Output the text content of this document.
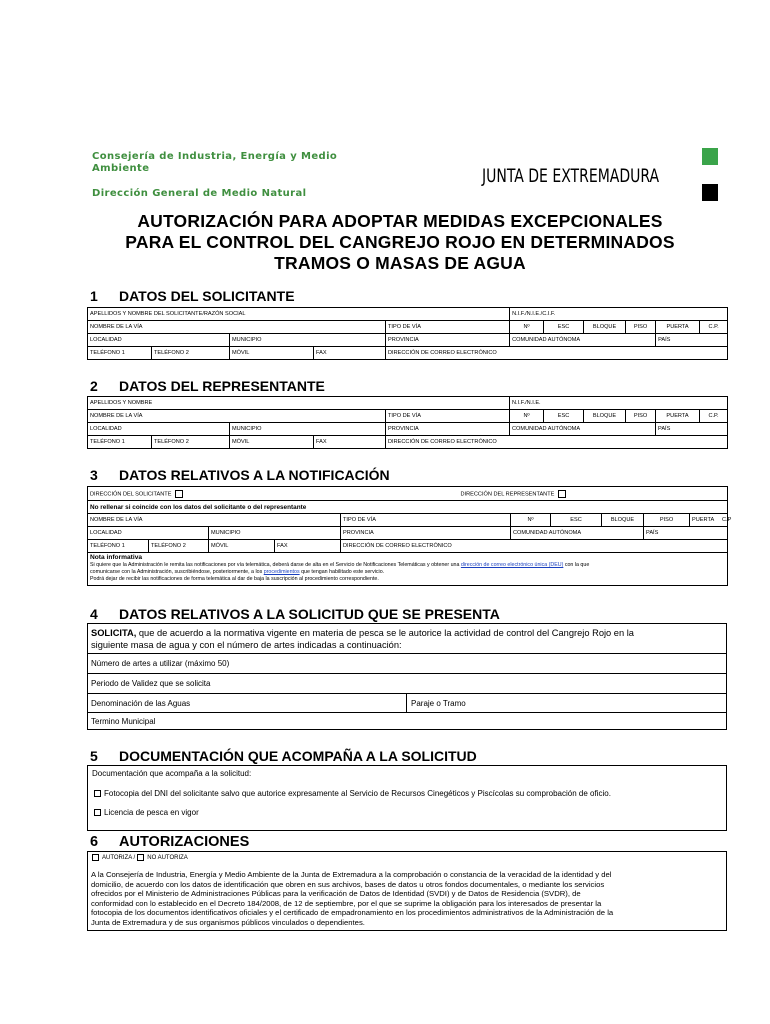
Consejería de Industria, Energía y Medio
Ambiente
Dirección General de Medio Natural
JUNTA DE EXTREMADURA
AUTORIZACIÓN PARA ADOPTAR MEDIDAS EXCEPCIONALES
PARA EL CONTROL DEL CANGREJO ROJO EN DETERMINADOS
TRAMOS O MASAS DE AGUA
1 DATOS DEL SOLICITANTE
APELLIDOS Y NOMBRE DEL SOLICITANTE/RAZÓN SOCIAL					N.I.F./N.I.E./C.I.F.					
NOMBRE DE LA VÍA				TIPO DE VÍA	Nº	ESC	BLOQUE	PISO	PUERTA	C.P.
LOCALIDAD		MUNICIPIO		PROVINCIA	COMUNIDAD AUTÓNOMA				PAÍS	
TELÉFONO 1	TELÉFONO 2	MÓVIL	FAX	DIRECCIÓN DE CORREO ELECTRÓNICO						
2 DATOS DEL REPRESENTANTE
APELLIDOS Y NOMBRE					N.I.F./N.I.E.					
NOMBRE DE LA VÍA				TIPO DE VÍA	Nº	ESC	BLOQUE	PISO	PUERTA	C.P.
LOCALIDAD		MUNICIPIO		PROVINCIA	COMUNIDAD AUTÓNOMA				PAÍS	
TELÉFONO 1	TELÉFONO 2	MÓVIL	FAX	DIRECCIÓN DE CORREO ELECTRÓNICO						
3 DATOS RELATIVOS A LA NOTIFICACIÓN
DIRECCIÓN DEL SOLICITANTE					DIRECCIÓN DEL REPRESENTANTE					
No rellenar si coincide con los datos del solicitante o del representante										
NOMBRE DE LA VÍA				TIPO DE VÍA		Nº	ESC	BLOQUE	PISO	PUERTA C.P
LOCALIDAD		MUNICIPIO		PROVINCIA		COMUNIDAD AUTÓNOMA			PAÍS	
TELÉFONO 1	TELÉFONO 2	MÓVIL	FAX	DIRECCIÓN DE CORREO ELECTRÓNICO						

Nota informativa
Si quiere que la Administración le remita las notificaciones por vía telemática, deberá darse de alta en el Servicio de Notificaciones Telemáticas y obtener una dirección de correo electrónico única (DEU) con la que
comunicarse con la Administración, suscribiéndose, posteriormente, a los procedimientos que tengan habilitado este servicio.
Podrá dejar de recibir las notificaciones de forma telemática al dar de baja la suscripción al procedimiento correspondiente.										
4 DATOS RELATIVOS A LA SOLICITUD QUE SE PRESENTA
SOLICITA, que de acuerdo a la normativa vigente en materia de pesca se le autorice la actividad de control del Cangrejo Rojo en la
siguiente masa de agua y con el número de artes indicadas a continuación:
Número de artes a utilizar (máximo 50)
Periodo de Validez que se solicita
Denominación de las Aguas	Paraje o Tramo
Termino Municipal
5 DOCUMENTACIÓN QUE ACOMPAÑA A LA SOLICITUD
Documentación que acompaña a la solicitud:
Fotocopia del DNI del solicitante salvo que autorice expresamente al Servicio de Recursos Cinegéticos y Piscícolas su comprobación de oficio.
Licencia de pesca en vigor
6 AUTORIZACIONES
AUTORIZA / NO AUTORIZA
A la Consejería de Industria, Energía y Medio Ambiente de la Junta de Extremadura a la comprobación o constancia de la veracidad de la identidad y del
domicilio, de acuerdo con los datos de identificación que obren en sus archivos, bases de datos u otros fondos documentales, o mediante los servicios
ofrecidos por el Ministerio de Administraciones Públicas para la verificación de Datos de Identidad (SVDI) y de Datos de Residencia (SVDR), de
conformidad con lo establecido en el Decreto 184/2008, de 12 de septiembre, por el que se suprime la obligación para los interesados de presentar la
fotocopia de los documentos identificativos oficiales y el certificado de empadronamiento en los procedimientos administrativos de la Administración de la
Junta de Extremadura y de sus organismos públicos vinculados o dependientes.
